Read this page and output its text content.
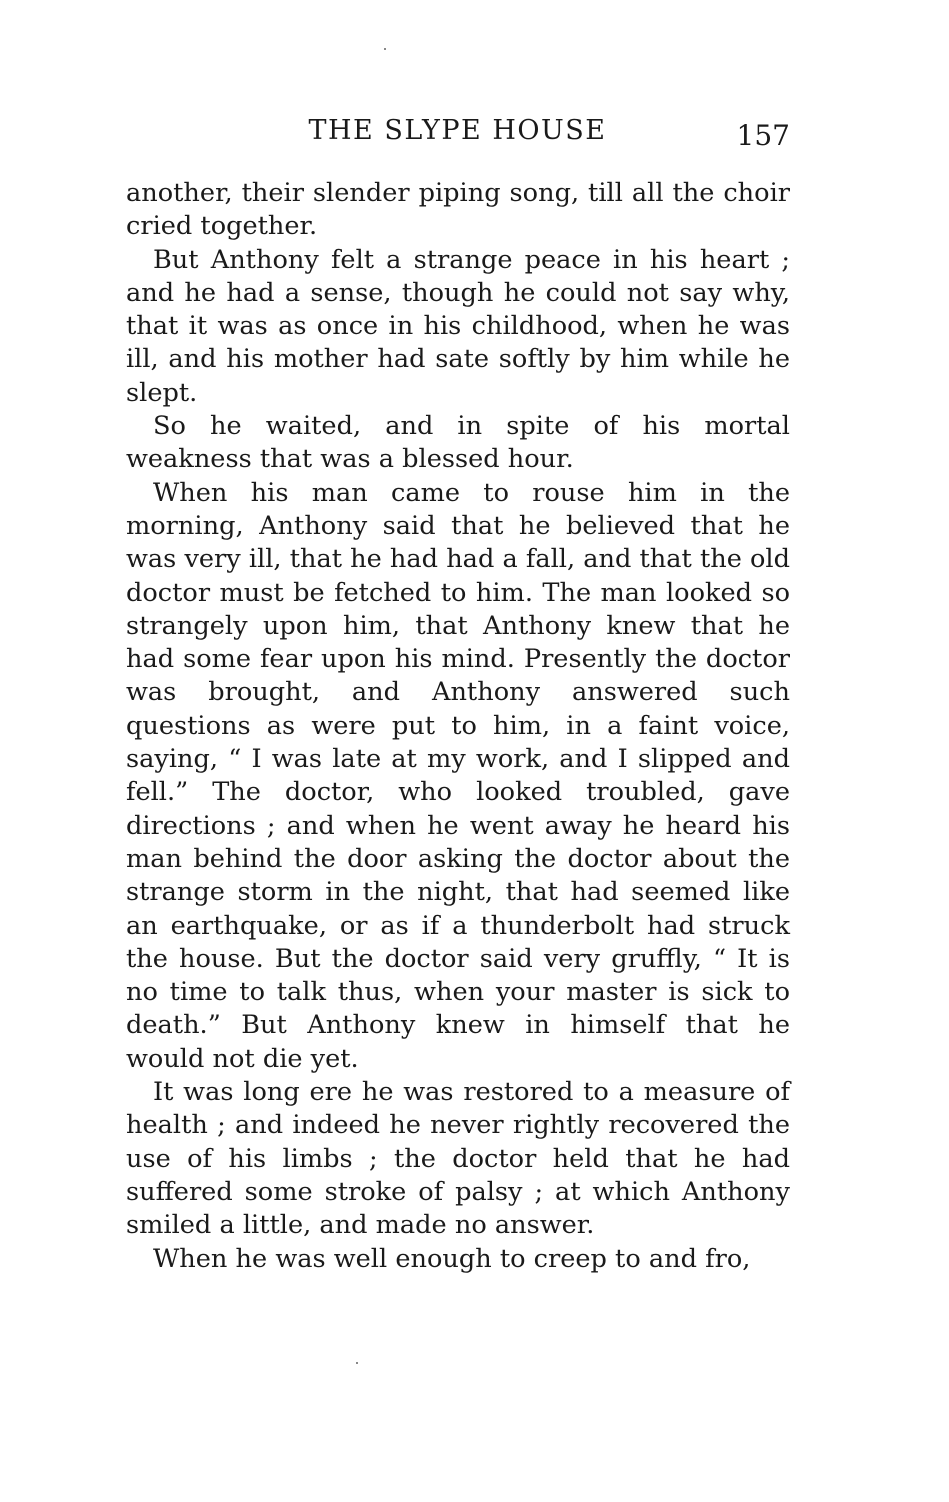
THE SLYPE HOUSE	157

another, their slender piping song, till all the choir cried together.

But Anthony felt a strange peace in his heart ; and he had a sense, though he could not say why, that it was as once in his childhood, when he was ill, and his mother had sate softly by him while he slept.

So he waited, and in spite of his mortal weakness that was a blessed hour.

When his man came to rouse him in the morning, Anthony said that he believed that he was very ill, that he had had a fall, and that the old doctor must be fetched to him. The man looked so strangely upon him, that Anthony knew that he had some fear upon his mind. Presently the doctor was brought, and Anthony answered such questions as were put to him, in a faint voice, saying, “ I was late at my work, and I slipped and fell.” The doctor, who looked troubled, gave directions ; and when he went away he heard his man behind the door asking the doctor about the strange storm in the night, that had seemed like an earthquake, or as if a thunderbolt had struck the house. But the doctor said very gruffly, “ It is no time to talk thus, when your master is sick to death.” But Anthony knew in himself that he would not die yet.

It was long ere he was restored to a measure of health ; and indeed he never rightly recovered the use of his limbs ; the doctor held that he had suffered some stroke of palsy ; at which Anthony smiled a little, and made no answer.

When he was well enough to creep to and fro,
